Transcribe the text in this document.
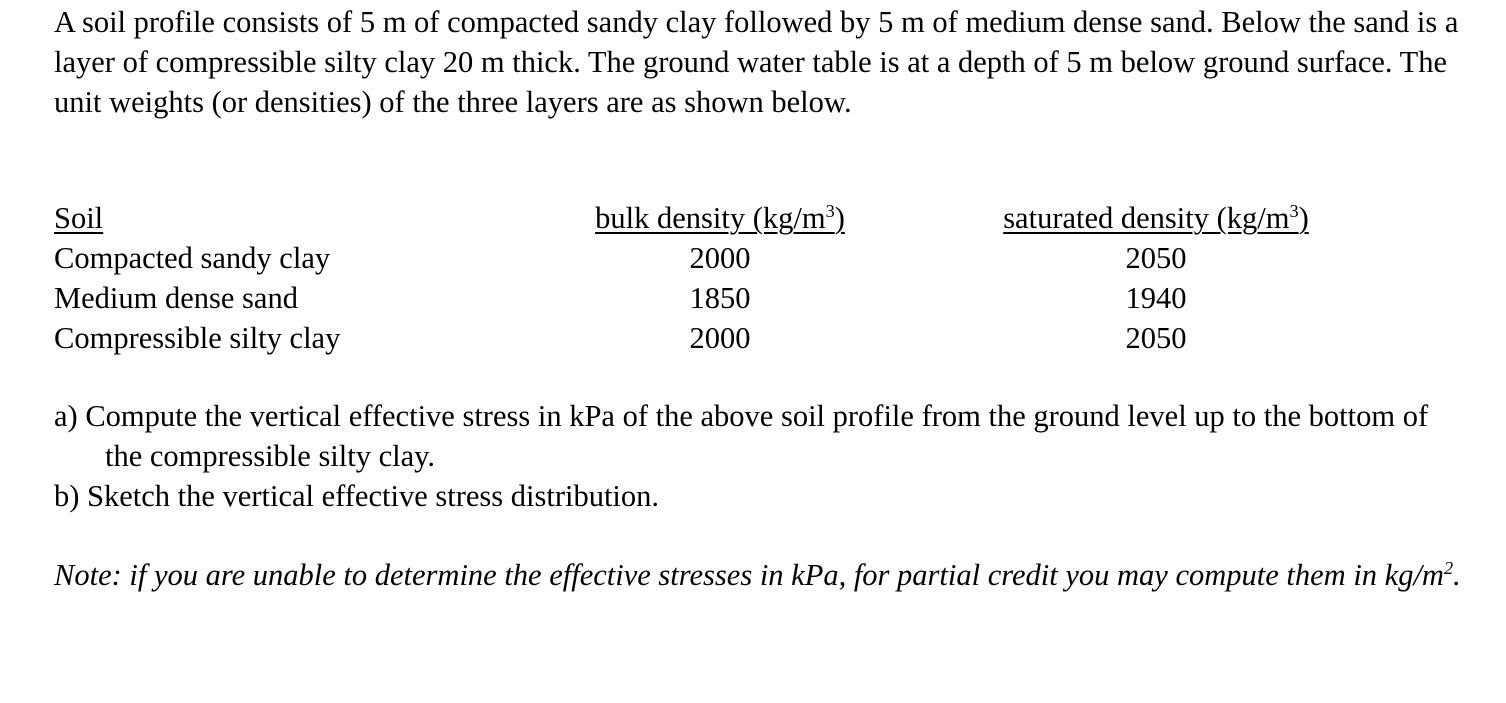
A soil profile consists of 5 m of compacted sandy clay followed by 5 m of medium dense sand. Below the sand is a layer of compressible silty clay 20 m thick. The ground water table is at a depth of 5 m below ground surface. The unit weights (or densities) of the three layers are as shown below.

Soil
Compacted sandy clay
Medium dense sand
Compressible silty clay
bulk density $(kg/m^3)$
2000
1850
2000
saturated density $(kg/m^3)$
2050
1940
2050
a) Compute the vertical effective stress in kPa of the above soil profile from the ground level up to the bottom of the compressible silty clay.
b) Sketch the vertical effective stress distribution.

Note: if you are unable to determine the effective stresses in kPa, for partial credit you may compute them in $kg/m^2$.
